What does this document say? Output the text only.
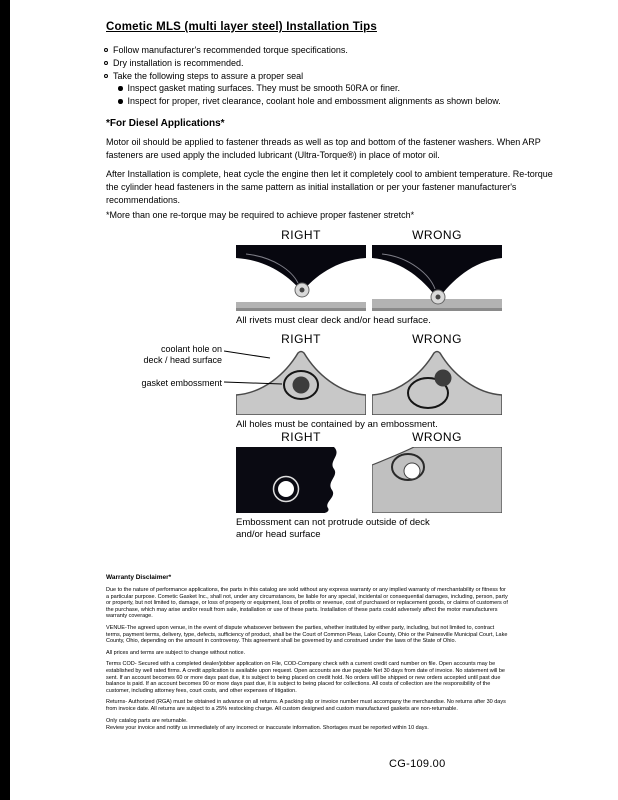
Cometic MLS (multi layer steel) Installation Tips
Follow manufacturer's recommended torque specifications.
Dry installation is recommended.
Take the following steps to assure a proper seal
Inspect gasket mating surfaces. They must be smooth 50RA or finer.
Inspect for proper, rivet clearance, coolant hole and embossment alignments as shown below.
*For Diesel Applications*
Motor oil should be applied to fastener threads as well as top and bottom of the fastener washers. When ARP fasteners are used apply the included lubricant (Ultra-Torque®) in place of motor oil.
After Installation is complete, heat cycle the engine then let it completely cool to ambient temperature. Re-torque the cylinder head fasteners in the same pattern as initial installation or per your fastener manufacturer's recommendations.
*More than one re-torque may be required to achieve proper fastener stretch*
RIGHT	WRONG
All rivets must clear deck and/or head surface.
RIGHT	WRONG
All holes must be contained by an embossment.
coolant hole on
deck / head surface
gasket embossment
RIGHT	WRONG
Embossment can not protrude outside of deck and/or head surface
Warranty Disclaimer*

Due to the nature of performance applications, the parts in this catalog are sold without any express warranty or any implied warranty of merchantability or fitness for a particular purpose. Cometic Gasket Inc., shall not, under any circumstances, be liable for any special, incidental or consequential damages, including, person, party or property, but not limited to, damage, or loss of property or equipment, loss of profits or revenue, cost of purchased or replacement goods, or claims of customers of the purchase, which may arise and/or result from sale, installation or use of these parts. Installation of these parts could adversely affect the motor manufacturers warranty coverage.

VENUE-The agreed upon venue, in the event of dispute whatsoever between the parties, whether instituted by either party, including, but not limited to, contract terms, payment terms, delivery, type, defects, sufficiency of product, shall be the Court of Common Pleas, Lake County, Ohio or the Painesville Municipal Court, Lake County, Ohio, depending on the amount in controversy. This agreement shall be governed by and construed under the laws of the State of Ohio.

All prices and terms are subject to change without notice.

Terms COD- Secured with a completed dealer/jobber application on File, COD-Company check with a current credit card number on file. Open accounts may be established by well rated firms. A credit application is available upon request. Open accounts are due payable Net 30 days from date of invoice. No statement will be sent. If an account becomes 60 or more days past due, it is subject to being placed on credit hold. No orders will be shipped or new orders accepted until past due balance is paid. If an account becomes 90 or more days past due, it is subject to being placed for collections. All costs of collection are the responsibility of the customer, including attorney fees, court costs, and other expenses of litigation.

Returns- Authorized (RGA) must be obtained in advance on all returns. A packing slip or invoice number must accompany the merchandise. No returns after 30 days from invoice date. All returns are subject to a 25% restocking charge. All custom designed and custom manufactured gaskets are non-returnable.

Only catalog parts are returnable.

Review your invoice and notify us immediately of any incorrect or inaccurate information. Shortages must be reported within 10 days.

CG-109.00
